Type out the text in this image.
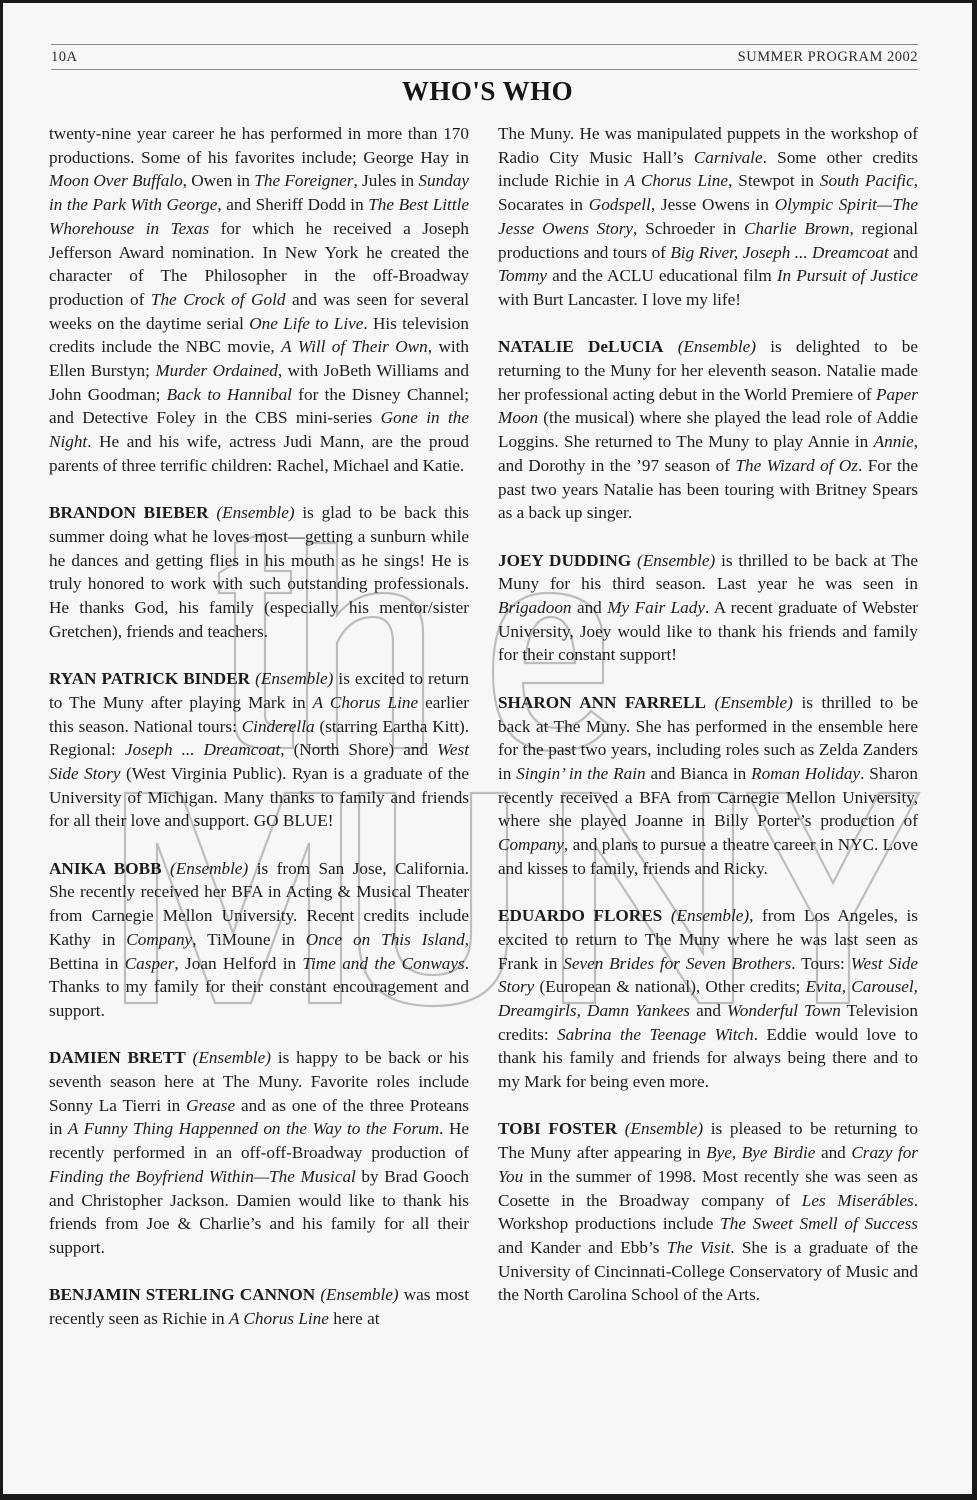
10A	SUMMER PROGRAM 2002
WHO'S WHO

twenty-nine year career he has performed in more than 170 productions. Some of his favorites include; George Hay in Moon Over Buffalo, Owen in The Foreigner, Jules in Sunday in the Park With George, and Sheriff Dodd in The Best Little Whorehouse in Texas for which he received a Joseph Jefferson Award nomination. In New York he created the character of The Philosopher in the off-Broadway production of The Crock of Gold and was seen for several weeks on the daytime serial One Life to Live. His television credits include the NBC movie, A Will of Their Own, with Ellen Burstyn; Murder Ordained, with JoBeth Williams and John Goodman; Back to Hannibal for the Disney Channel; and Detective Foley in the CBS mini-series Gone in the Night. He and his wife, actress Judi Mann, are the proud parents of three terrific children: Rachel, Michael and Katie.

BRANDON BIEBER (Ensemble) is glad to be back this summer doing what he loves most—getting a sunburn while he dances and getting flies in his mouth as he sings! He is truly honored to work with such outstanding professionals. He thanks God, his family (especially his mentor/sister Gretchen), friends and teachers.

RYAN PATRICK BINDER (Ensemble) is excited to return to The Muny after playing Mark in A Chorus Line earlier this season. National tours: Cinderella (starring Eartha Kitt). Regional: Joseph ... Dreamcoat, (North Shore) and West Side Story (West Virginia Public). Ryan is a graduate of the University of Michigan. Many thanks to family and friends for all their love and support. GO BLUE!

ANIKA BOBB (Ensemble) is from San Jose, California. She recently received her BFA in Acting & Musical Theater from Carnegie Mellon University. Recent credits include Kathy in Company, TiMoune in Once on This Island, Bettina in Casper, Joan Helford in Time and the Conways. Thanks to my family for their constant encouragement and support.

DAMIEN BRETT (Ensemble) is happy to be back or his seventh season here at The Muny. Favorite roles include Sonny La Tierri in Grease and as one of the three Proteans in A Funny Thing Happenned on the Way to the Forum. He recently performed in an off-off-Broadway production of Finding the Boyfriend Within—The Musical by Brad Gooch and Christopher Jackson. Damien would like to thank his friends from Joe & Charlie’s and his family for all their support.

BENJAMIN STERLING CANNON (Ensemble) was most recently seen as Richie in A Chorus Line here at

The Muny. He was manipulated puppets in the workshop of Radio City Music Hall’s Carnivale. Some other credits include Richie in A Chorus Line, Stewpot in South Pacific, Socarates in Godspell, Jesse Owens in Olympic Spirit—The Jesse Owens Story, Schroeder in Charlie Brown, regional productions and tours of Big River, Joseph ... Dreamcoat and Tommy and the ACLU educational film In Pursuit of Justice with Burt Lancaster. I love my life!

NATALIE DeLUCIA (Ensemble) is delighted to be returning to the Muny for her eleventh season. Natalie made her professional acting debut in the World Premiere of Paper Moon (the musical) where she played the lead role of Addie Loggins. She returned to The Muny to play Annie in Annie, and Dorothy in the ’97 season of The Wizard of Oz. For the past two years Natalie has been touring with Britney Spears as a back up singer.

JOEY DUDDING (Ensemble) is thrilled to be back at The Muny for his third season. Last year he was seen in Brigadoon and My Fair Lady. A recent graduate of Webster University, Joey would like to thank his friends and family for their constant support!

SHARON ANN FARRELL (Ensemble) is thrilled to be back at The Muny. She has performed in the ensemble here for the past two years, including roles such as Zelda Zanders in Singin’ in the Rain and Bianca in Roman Holiday. Sharon recently received a BFA from Carnegie Mellon University, where she played Joanne in Billy Porter’s production of Company, and plans to pursue a theatre career in NYC. Love and kisses to family, friends and Ricky.

EDUARDO FLORES (Ensemble), from Los Angeles, is excited to return to The Muny where he was last seen as Frank in Seven Brides for Seven Brothers. Tours: West Side Story (European & national), Other credits; Evita, Carousel, Dreamgirls, Damn Yankees and Wonderful Town Television credits: Sabrina the Teenage Witch. Eddie would love to thank his family and friends for always being there and to my Mark for being even more.

TOBI FOSTER (Ensemble) is pleased to be returning to The Muny after appearing in Bye, Bye Birdie and Crazy for You in the summer of 1998. Most recently she was seen as Cosette in the Broadway company of Les Miserábles. Workshop productions include The Sweet Smell of Success and Kander and Ebb’s The Visit. She is a graduate of the University of Cincinnati-College Conservatory of Music and the North Carolina School of the Arts.
